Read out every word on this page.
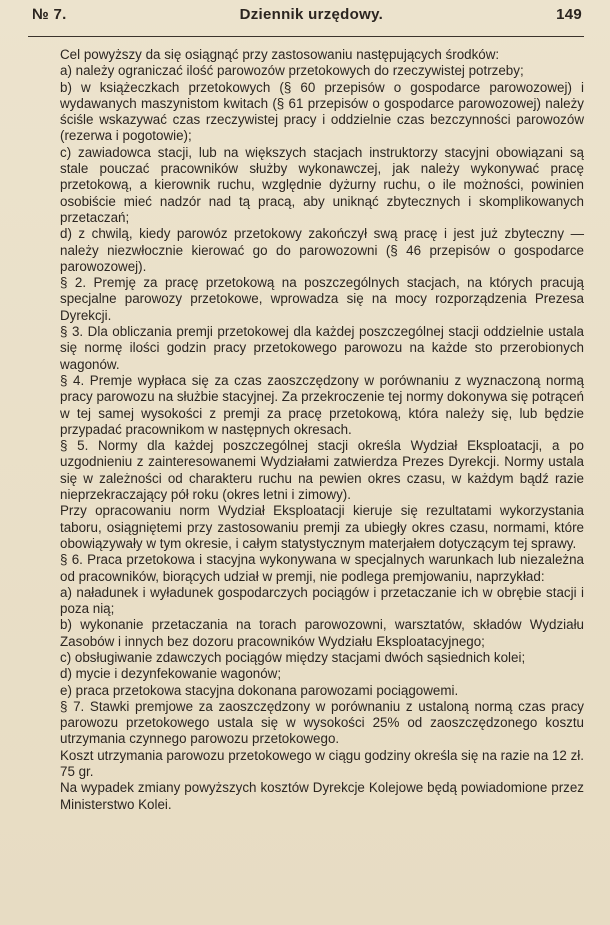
№ 7.	Dziennik urzędowy.	149

Cel powyższy da się osiągnąć przy zastosowaniu następujących środków:

a) należy ograniczać ilość parowozów przetokowych do rzeczywistej potrzeby;

b) w książeczkach przetokowych (§ 60 przepisów o gospodarce parowozowej) i wydawanych maszynistom kwitach (§ 61 przepisów o gospodarce parowozowej) należy ściśle wskazywać czas rzeczywistej pracy i oddzielnie czas bezczynności parowozów (rezerwa i pogotowie);

c) zawiadowca stacji, lub na większych stacjach instruktorzy stacyjni obowiązani są stale pouczać pracowników służby wykonawczej, jak należy wykonywać pracę przetokową, a kierownik ruchu, względnie dyżurny ruchu, o ile możności, powinien osobiście mieć nadzór nad tą pracą, aby uniknąć zbytecznych i skomplikowanych przetaczań;

d) z chwilą, kiedy parowóz przetokowy zakończył swą pracę i jest już zbyteczny — należy niezwłocznie kierować go do parowozowni (§ 46 przepisów o gospodarce parowozowej).

§ 2. Premję za pracę przetokową na poszczególnych stacjach, na których pracują specjalne parowozy przetokowe, wprowadza się na mocy rozporządzenia Prezesa Dyrekcji.

§ 3. Dla obliczania premji przetokowej dla każdej poszczególnej stacji oddzielnie ustala się normę ilości godzin pracy przetokowego parowozu na każde sto przerobionych wagonów.

§ 4. Premje wypłaca się za czas zaoszczędzony w porównaniu z wyznaczoną normą pracy parowozu na służbie stacyjnej. Za przekroczenie tej normy dokonywa się potrąceń w tej samej wysokości z premji za pracę przetokową, która należy się, lub będzie przypadać pracownikom w następnych okresach.

§ 5. Normy dla każdej poszczególnej stacji określa Wydział Eksploatacji, a po uzgodnieniu z zainteresowanemi Wydziałami zatwierdza Prezes Dyrekcji. Normy ustala się w zależności od charakteru ruchu na pewien okres czasu, w każdym bądź razie nieprzekraczający pół roku (okres letni i zimowy).

Przy opracowaniu norm Wydział Eksploatacji kieruje się rezultatami wykorzystania taboru, osiągniętemi przy zastosowaniu premji za ubiegły okres czasu, normami, które obowiązywały w tym okresie, i całym statystycznym materjałem dotyczącym tej sprawy.

§ 6. Praca przetokowa i stacyjna wykonywana w specjalnych warunkach lub niezależna od pracowników, biorących udział w premji, nie podlega premjowaniu, naprzykład:

a) naładunek i wyładunek gospodarczych pociągów i przetaczanie ich w obrębie stacji i poza nią;

b) wykonanie przetaczania na torach parowozowni, warsztatów, składów Wydziału Zasobów i innych bez dozoru pracowników Wydziału Eksploatacyjnego;

c) obsługiwanie zdawczych pociągów między stacjami dwóch sąsiednich kolei;

d) mycie i dezynfekowanie wagonów;

e) praca przetokowa stacyjna dokonana parowozami pociągowemi.

§ 7. Stawki premjowe za zaoszczędzony w porównaniu z ustaloną normą czas pracy parowozu przetokowego ustala się w wysokości 25% od zaoszczędzonego kosztu utrzymania czynnego parowozu przetokowego.

Koszt utrzymania parowozu przetokowego w ciągu godziny określa się na razie na 12 zł. 75 gr.

Na wypadek zmiany powyższych kosztów Dyrekcje Kolejowe będą powiadomione przez Ministerstwo Kolei.
